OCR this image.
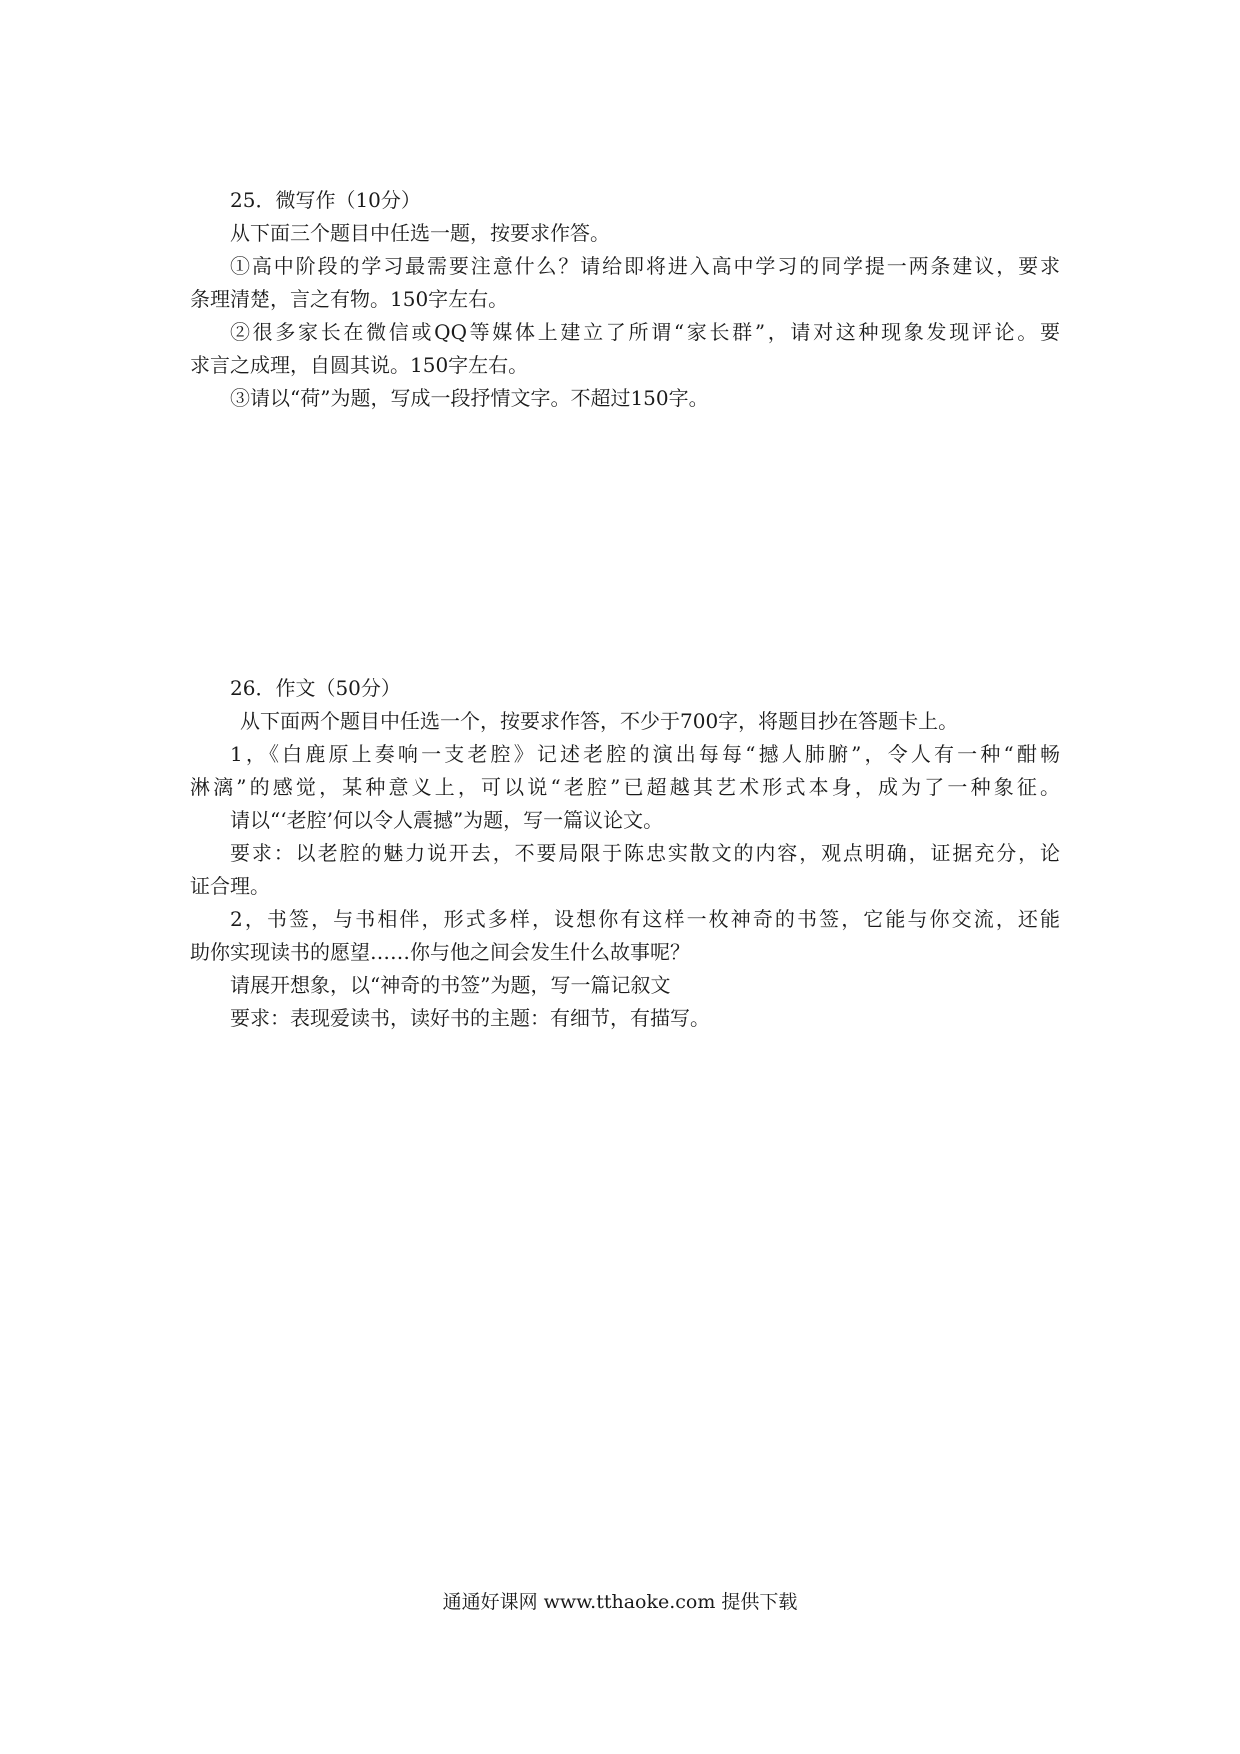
25．微写作（10分）
从下面三个题目中任选一题，按要求作答。
①高中阶段的学习最需要注意什么？请给即将进入高中学习的同学提一两条建议，要求
条理清楚，言之有物。150字左右。
②很多家长在微信或QQ等媒体上建立了所谓“家长群”，请对这种现象发现评论。要
求言之成理，自圆其说。150字左右。
③请以“荷”为题，写成一段抒情文字。不超过150字。
26．作文（50分）
从下面两个题目中任选一个，按要求作答，不少于700字，将题目抄在答题卡上。
1，《白鹿原上奏响一支老腔》记述老腔的演出每每“撼人肺腑”，令人有一种“酣畅
淋漓”的感觉，某种意义上，可以说“老腔”已超越其艺术形式本身，成为了一种象征。
请以“‘老腔’何以令人震撼”为题，写一篇议论文。
要求：以老腔的魅力说开去，不要局限于陈忠实散文的内容，观点明确，证据充分，论
证合理。
2，书签，与书相伴，形式多样，设想你有这样一枚神奇的书签，它能与你交流，还能
助你实现读书的愿望……你与他之间会发生什么故事呢？
请展开想象，以“神奇的书签”为题，写一篇记叙文
要求：表现爱读书，读好书的主题：有细节，有描写。
通通好课网 www.tthaoke.com 提供下载
